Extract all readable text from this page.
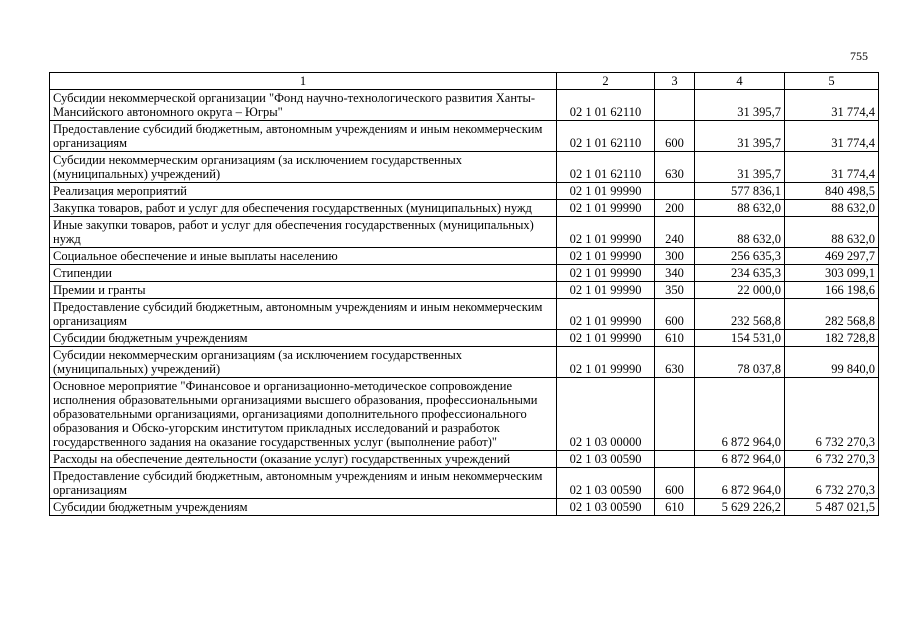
755
1	2	3	4	5
Субсидии некоммерческой организации "Фонд научно-технологического развития Ханты-Мансийского автономного округа – Югры"	02 1 01 62110		31 395,7	31 774,4
Предоставление субсидий бюджетным, автономным учреждениям и иным некоммерческим организациям	02 1 01 62110	600	31 395,7	31 774,4
Субсидии некоммерческим организациям (за исключением государственных (муниципальных) учреждений)	02 1 01 62110	630	31 395,7	31 774,4
Реализация мероприятий	02 1 01 99990		577 836,1	840 498,5
Закупка товаров, работ и услуг для обеспечения государственных (муниципальных) нужд	02 1 01 99990	200	88 632,0	88 632,0
Иные закупки товаров, работ и услуг для обеспечения государственных (муниципальных) нужд	02 1 01 99990	240	88 632,0	88 632,0
Социальное обеспечение и иные выплаты населению	02 1 01 99990	300	256 635,3	469 297,7
Стипендии	02 1 01 99990	340	234 635,3	303 099,1
Премии и гранты	02 1 01 99990	350	22 000,0	166 198,6
Предоставление субсидий бюджетным, автономным учреждениям и иным некоммерческим организациям	02 1 01 99990	600	232 568,8	282 568,8
Субсидии бюджетным учреждениям	02 1 01 99990	610	154 531,0	182 728,8
Субсидии некоммерческим организациям (за исключением государственных (муниципальных) учреждений)	02 1 01 99990	630	78 037,8	99 840,0
Основное мероприятие "Финансовое и организационно-методическое сопровождение исполнения образовательными организациями высшего образования, профессиональными образовательными организациями, организациями дополнительного профессионального образования и Обско-угорским институтом прикладных исследований и разработок государственного задания на оказание государственных услуг (выполнение работ)"	02 1 03 00000		6 872 964,0	6 732 270,3
Расходы на обеспечение деятельности (оказание услуг) государственных учреждений	02 1 03 00590		6 872 964,0	6 732 270,3
Предоставление субсидий бюджетным, автономным учреждениям и иным некоммерческим организациям	02 1 03 00590	600	6 872 964,0	6 732 270,3
Субсидии бюджетным учреждениям	02 1 03 00590	610	5 629 226,2	5 487 021,5
